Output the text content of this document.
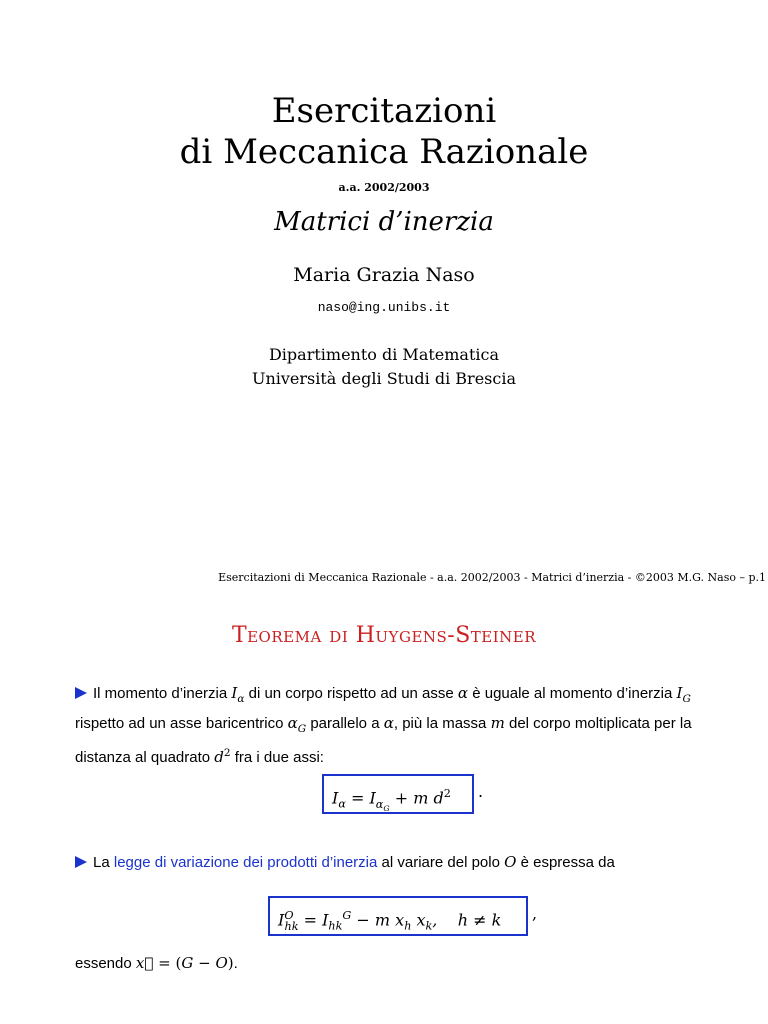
Esercitazioni
di Meccanica Razionale
a.a. 2002/2003
Matrici d’inerzia
Maria Grazia Naso
naso@ing.unibs.it
Dipartimento di Matematica
Università degli Studi di Brescia
Esercitazioni di Meccanica Razionale - a.a. 2002/2003 - Matrici d’inerzia - ©2003 M.G. Naso – p.1
Teorema di Huygens-Steiner
Il momento d’inerzia $I_\alpha$ di un corpo rispetto ad un asse α è uguale al momento d’inerzia $I_G$ rispetto ad un asse baricentrico $\alpha_G$ parallelo a α, più la massa m del corpo moltiplicata per la distanza al quadrato $d^2$ fra i due assi:
$I_\alpha = I_{\alpha_G} + m$ $d^2$	.
La legge di variazione dei prodotti d’inerzia al variare del polo O è espressa da
$I^O_{hk} = I_{hk}^G - m$ $x_h$ $x_k$,    h ≠ k	,
essendo x⃗ = (G − O).
